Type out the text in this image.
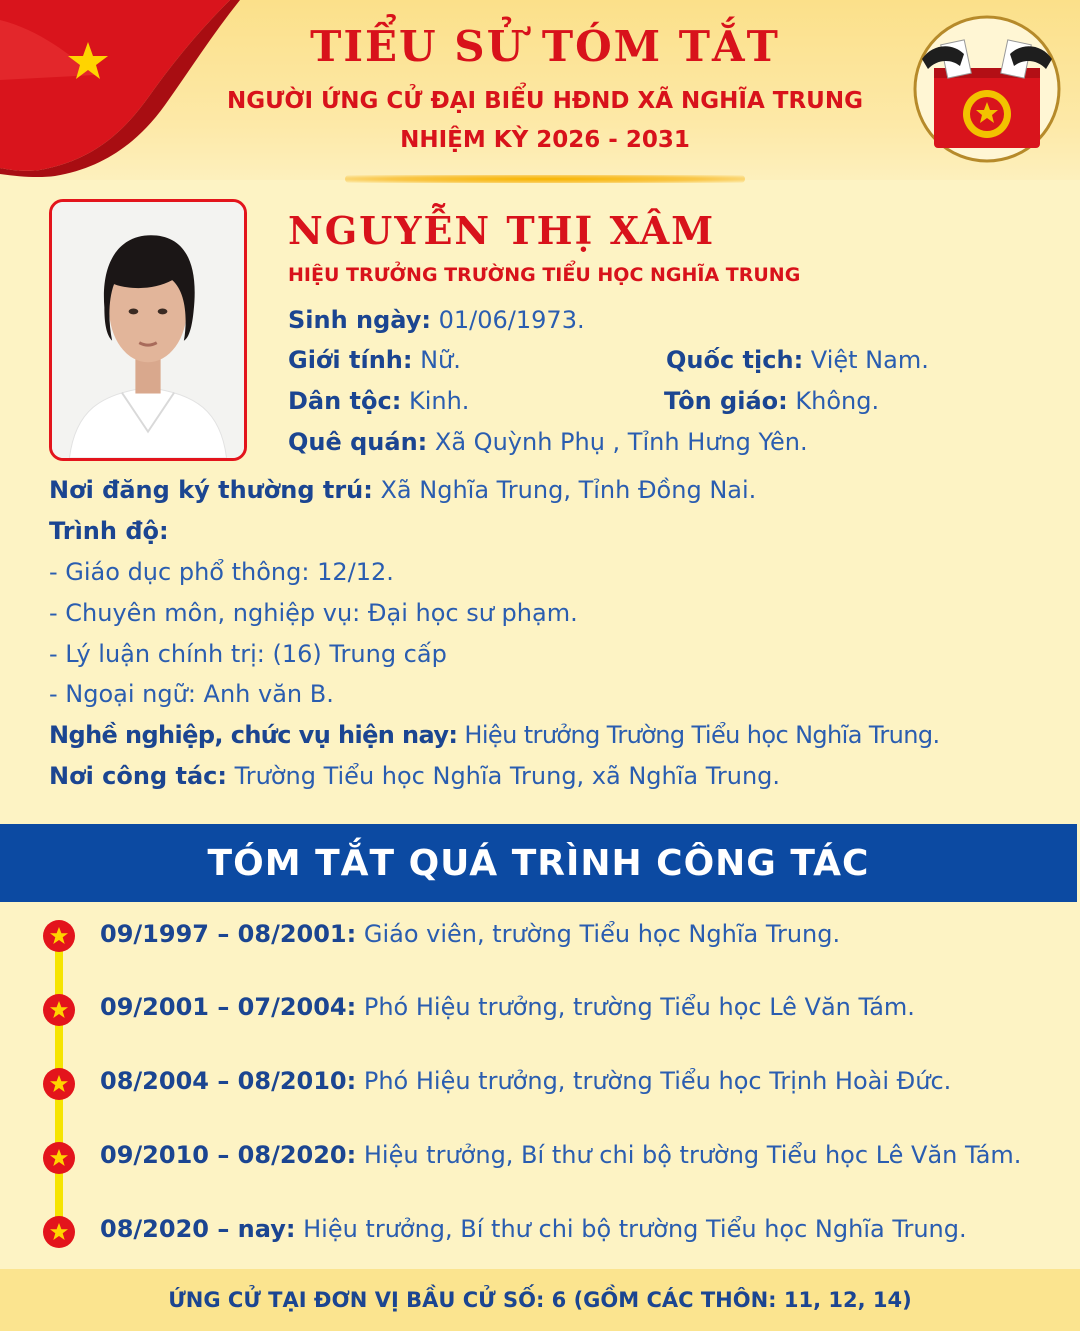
TIỂU SỬ TÓM TẮT
NGƯỜI ỨNG CỬ ĐẠI BIỂU HĐND XÃ NGHĨA TRUNG
NHIỆM KỲ 2026 - 2031
NGUYỄN THỊ XÂM
HIỆU TRƯỞNG TRƯỜNG TIỂU HỌC NGHĨA TRUNG
Sinh ngày: 01/06/1973.
Giới tính: Nữ.	Quốc tịch: Việt Nam.
Dân tộc: Kinh.	Tôn giáo: Không.
Quê quán: Xã Quỳnh Phụ , Tỉnh Hưng Yên.
Nơi đăng ký thường trú: Xã Nghĩa Trung, Tỉnh Đồng Nai.
Trình độ:
- Giáo dục phổ thông: 12/12.
- Chuyên môn, nghiệp vụ: Đại học sư phạm.
- Lý luận chính trị: (16) Trung cấp
- Ngoại ngữ: Anh văn B.
Nghề nghiệp, chức vụ hiện nay: Hiệu trưởng Trường Tiểu học Nghĩa Trung.
Nơi công tác: Trường Tiểu học Nghĩa Trung, xã Nghĩa Trung.
TÓM TẮT QUÁ TRÌNH CÔNG TÁC
09/1997 – 08/2001: Giáo viên, trường Tiểu học Nghĩa Trung.
09/2001 – 07/2004: Phó Hiệu trưởng, trường Tiểu học Lê Văn Tám.
08/2004 – 08/2010: Phó Hiệu trưởng, trường Tiểu học Trịnh Hoài Đức.
09/2010 – 08/2020: Hiệu trưởng, Bí thư chi bộ trường Tiểu học Lê Văn Tám.
08/2020 – nay: Hiệu trưởng, Bí thư chi bộ trường Tiểu học Nghĩa Trung.
ỨNG CỬ TẠI ĐƠN VỊ BẦU CỬ SỐ: 6 (GỒM CÁC THÔN: 11, 12, 14)
